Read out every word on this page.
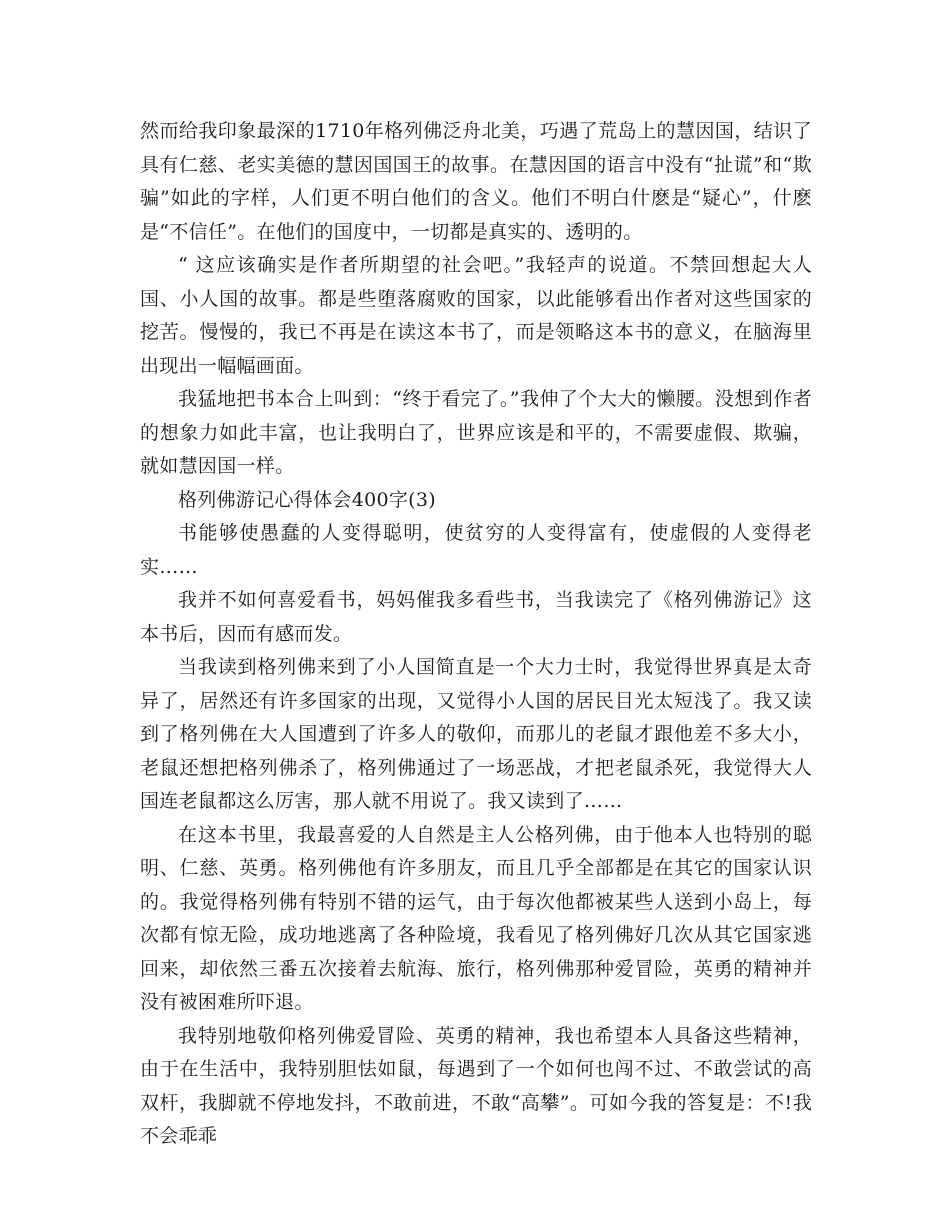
然而给我印象最深的1710年格列佛泛舟北美，巧遇了荒岛上的慧因国，结识了具有仁慈、老实美德的慧因国国王的故事。在慧因国的语言中没有“扯谎”和“欺骗”如此的字样，人们更不明白他们的含义。他们不明白什麽是“疑心”，什麽是“不信任”。在他们的国度中，一切都是真实的、透明的。

“ 这应该确实是作者所期望的社会吧。”我轻声的说道。不禁回想起大人国、小人国的故事。都是些堕落腐败的国家，以此能够看出作者对这些国家的挖苦。慢慢的，我已不再是在读这本书了，而是领略这本书的意义，在脑海里出现出一幅幅画面。

我猛地把书本合上叫到：“终于看完了。”我伸了个大大的懒腰。没想到作者的想象力如此丰富，也让我明白了，世界应该是和平的，不需要虚假、欺骗，就如慧因国一样。

格列佛游记心得体会400字(3)

书能够使愚蠢的人变得聪明，使贫穷的人变得富有，使虚假的人变得老实……

我并不如何喜爱看书，妈妈催我多看些书，当我读完了《格列佛游记》这本书后，因而有感而发。

当我读到格列佛来到了小人国简直是一个大力士时，我觉得世界真是太奇异了，居然还有许多国家的出现，又觉得小人国的居民目光太短浅了。我又读到了格列佛在大人国遭到了许多人的敬仰，而那儿的老鼠才跟他差不多大小，老鼠还想把格列佛杀了，格列佛通过了一场恶战，才把老鼠杀死，我觉得大人国连老鼠都这么厉害，那人就不用说了。我又读到了……

在这本书里，我最喜爱的人自然是主人公格列佛，由于他本人也特别的聪明、仁慈、英勇。格列佛他有许多朋友，而且几乎全部都是在其它的国家认识的。我觉得格列佛有特别不错的运气，由于每次他都被某些人送到小岛上，每次都有惊无险，成功地逃离了各种险境，我看见了格列佛好几次从其它国家逃回来，却依然三番五次接着去航海、旅行，格列佛那种爱冒险，英勇的精神并没有被困难所吓退。

我特别地敬仰格列佛爱冒险、英勇的精神，我也希望本人具备这些精神，由于在生活中，我特别胆怯如鼠，每遇到了一个如何也闯不过、不敢尝试的高双杆，我脚就不停地发抖，不敢前进，不敢“高攀”。可如今我的答复是：不!我不会乖乖
